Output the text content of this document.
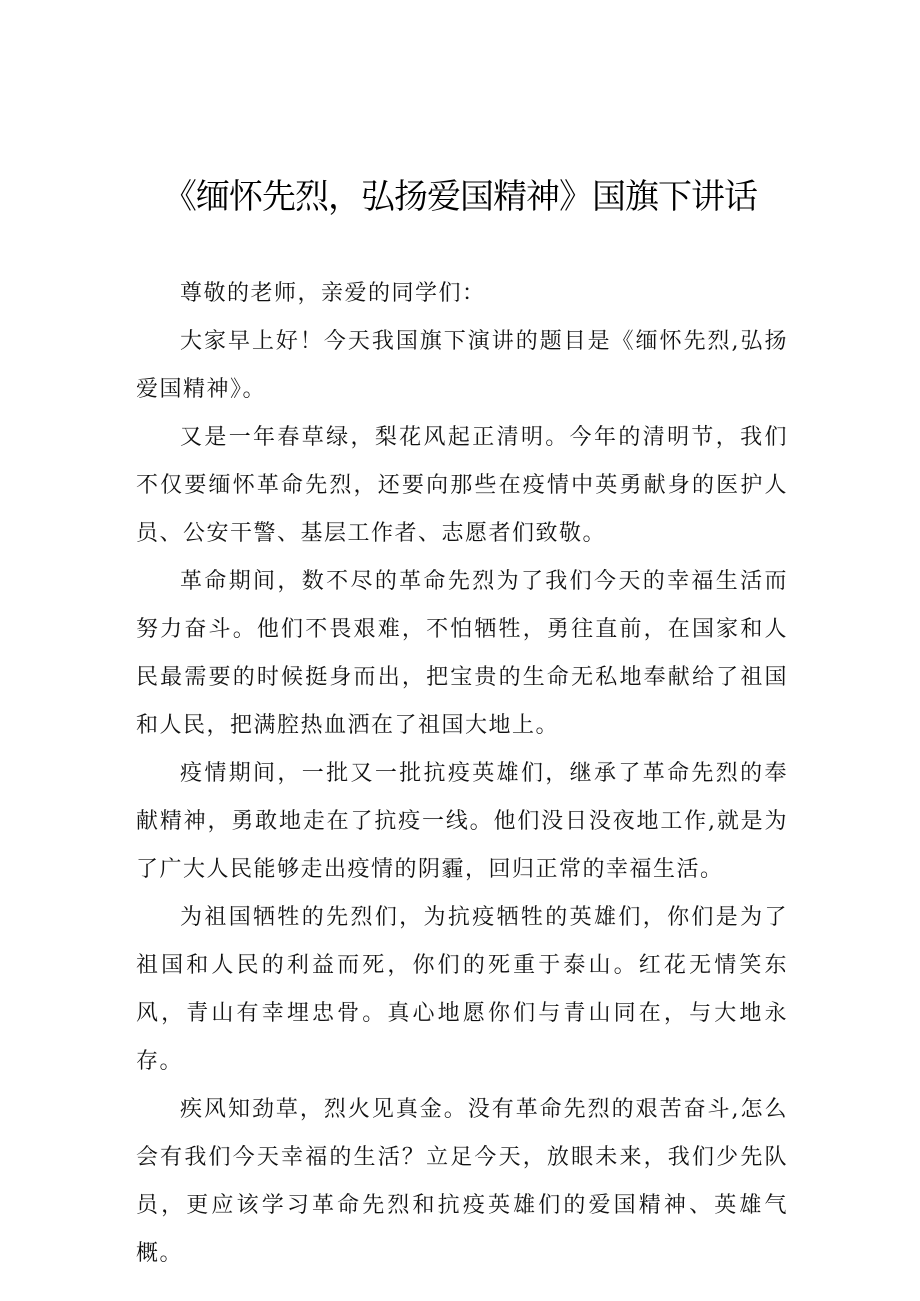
《缅怀先烈，弘扬爱国精神》国旗下讲话

尊敬的老师，亲爱的同学们：

大家早上好！今天我国旗下演讲的题目是《缅怀先烈,弘扬爱国精神》。

又是一年春草绿，梨花风起正清明。今年的清明节，我们不仅要缅怀革命先烈，还要向那些在疫情中英勇献身的医护人员、公安干警、基层工作者、志愿者们致敬。

革命期间，数不尽的革命先烈为了我们今天的幸福生活而努力奋斗。他们不畏艰难，不怕牺牲，勇往直前，在国家和人民最需要的时候挺身而出，把宝贵的生命无私地奉献给了祖国和人民，把满腔热血洒在了祖国大地上。

疫情期间，一批又一批抗疫英雄们，继承了革命先烈的奉献精神，勇敢地走在了抗疫一线。他们没日没夜地工作,就是为了广大人民能够走出疫情的阴霾，回归正常的幸福生活。

为祖国牺牲的先烈们，为抗疫牺牲的英雄们，你们是为了祖国和人民的利益而死，你们的死重于泰山。红花无情笑东风，青山有幸埋忠骨。真心地愿你们与青山同在，与大地永存。

疾风知劲草，烈火见真金。没有革命先烈的艰苦奋斗,怎么会有我们今天幸福的生活？立足今天，放眼未来，我们少先队员，更应该学习革命先烈和抗疫英雄们的爱国精神、英雄气概。
